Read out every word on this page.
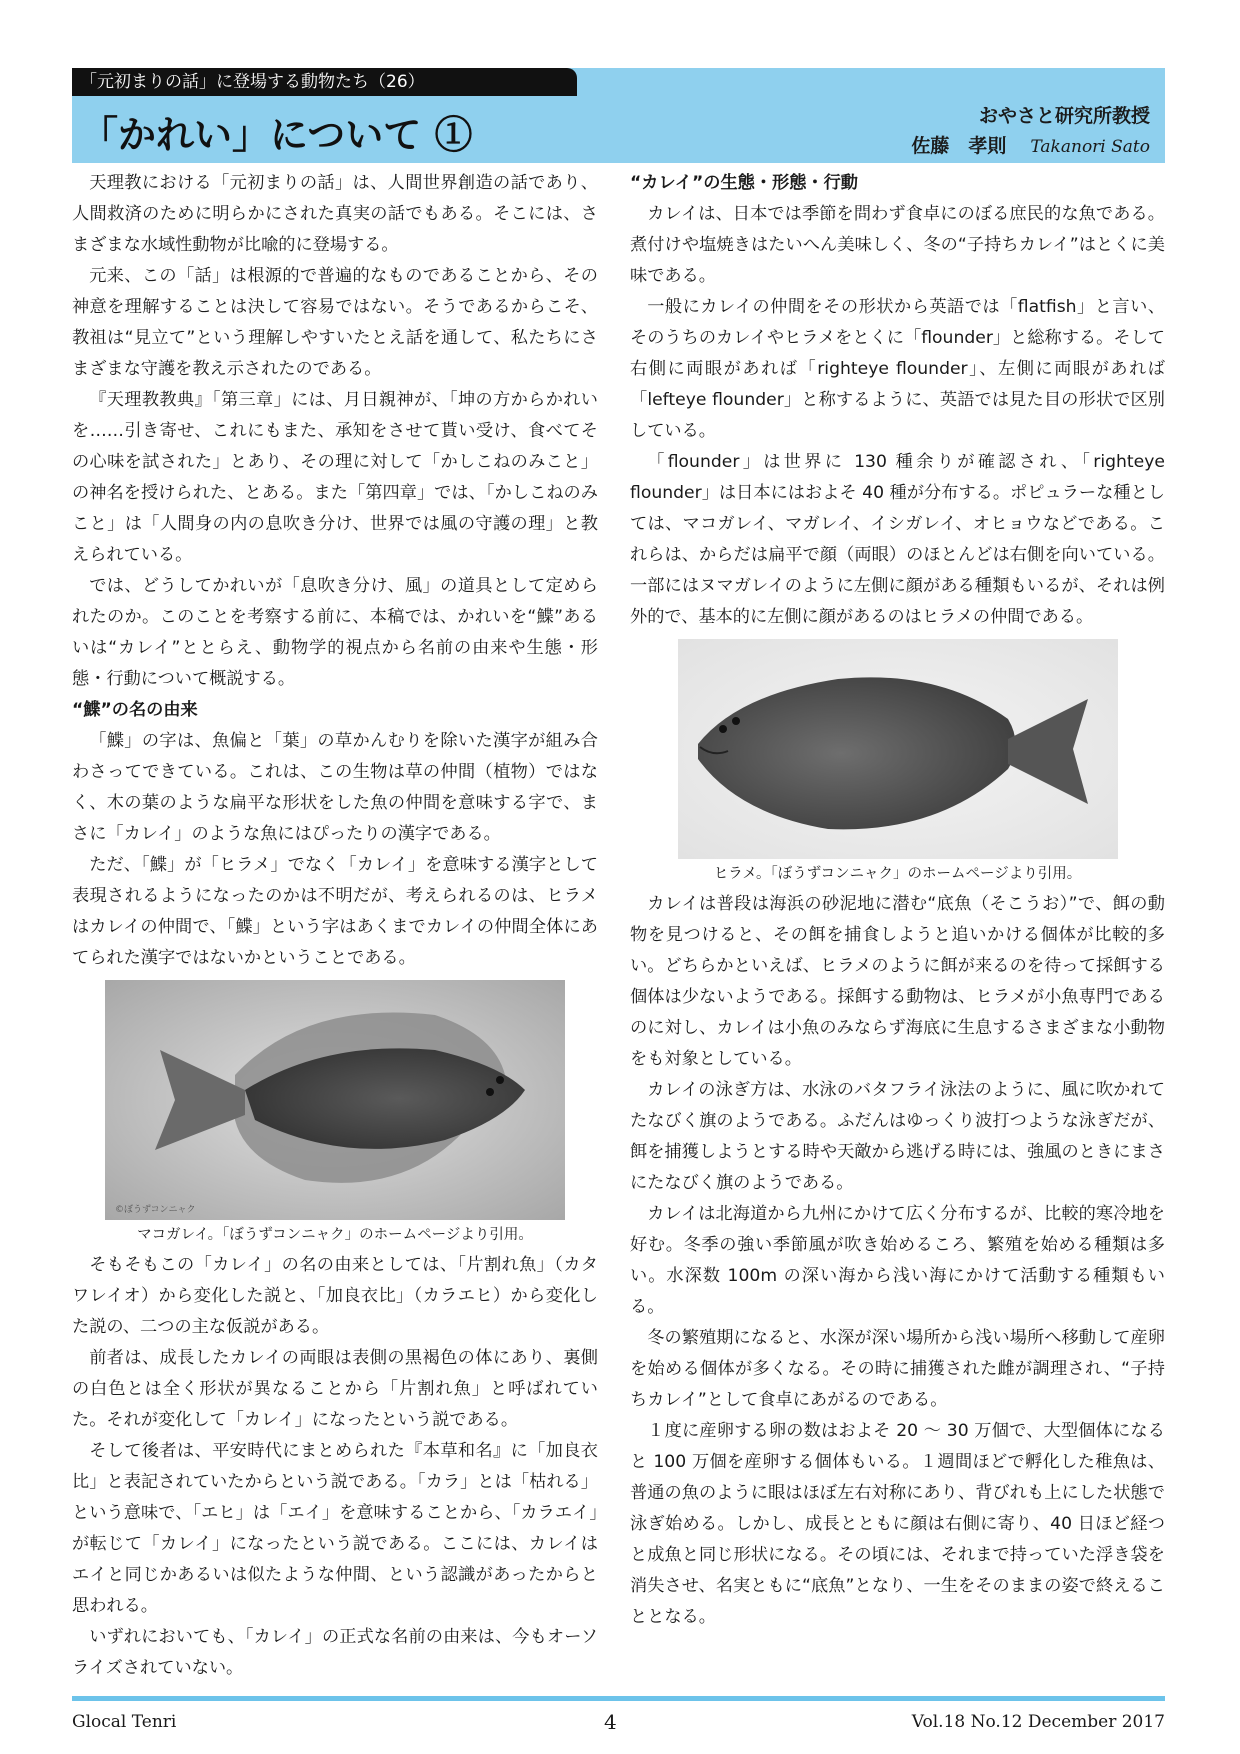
「元初まりの話」に登場する動物たち（26）
「かれい」について ①	おやさと研究所教授
佐藤　孝則 Takanori Sato

天理教における「元初まりの話」は、人間世界創造の話であり、人間救済のために明らかにされた真実の話でもある。そこには、さまざまな水域性動物が比喩的に登場する。

元来、この「話」は根源的で普遍的なものであることから、その神意を理解することは決して容易ではない。そうであるからこそ、教祖は“見立て”という理解しやすいたとえ話を通して、私たちにさまざまな守護を教え示されたのである。

『天理教教典』「第三章」には、月日親神が、「坤の方からかれいを……引き寄せ、これにもまた、承知をさせて貰い受け、食べてその心味を試された」とあり、その理に対して「かしこねのみこと」の神名を授けられた、とある。また「第四章」では、「かしこねのみこと」は「人間身の内の息吹き分け、世界では風の守護の理」と教えられている。

では、どうしてかれいが「息吹き分け、風」の道具として定められたのか。このことを考察する前に、本稿では、かれいを“鰈”あるいは“カレイ”ととらえ、動物学的視点から名前の由来や生態・形態・行動について概説する。

“鰈”の名の由来

「鰈」の字は、魚偏と「葉」の草かんむりを除いた漢字が組み合わさってできている。これは、この生物は草の仲間（植物）ではなく、木の葉のような扁平な形状をした魚の仲間を意味する字で、まさに「カレイ」のような魚にはぴったりの漢字である。

ただ、「鰈」が「ヒラメ」でなく「カレイ」を意味する漢字として表現されるようになったのかは不明だが、考えられるのは、ヒラメはカレイの仲間で、「鰈」という字はあくまでカレイの仲間全体にあてられた漢字ではないかということである。

©ぼうずコンニャク
マコガレイ。「ぼうずコンニャク」のホームページより引用。

そもそもこの「カレイ」の名の由来としては、「片割れ魚」（カタワレイオ）から変化した説と、「加良衣比」（カラエヒ）から変化した説の、二つの主な仮説がある。

前者は、成長したカレイの両眼は表側の黒褐色の体にあり、裏側の白色とは全く形状が異なることから「片割れ魚」と呼ばれていた。それが変化して「カレイ」になったという説である。

そして後者は、平安時代にまとめられた『本草和名』に「加良衣比」と表記されていたからという説である。「カラ」とは「枯れる」という意味で、「エヒ」は「エイ」を意味することから、「カラエイ」が転じて「カレイ」になったという説である。ここには、カレイはエイと同じかあるいは似たような仲間、という認識があったからと思われる。

いずれにおいても、「カレイ」の正式な名前の由来は、今もオーソライズされていない。

“カレイ”の生態・形態・行動

カレイは、日本では季節を問わず食卓にのぼる庶民的な魚である。煮付けや塩焼きはたいへん美味しく、冬の“子持ちカレイ”はとくに美味である。

一般にカレイの仲間をその形状から英語では「flatfish」と言い、そのうちのカレイやヒラメをとくに「flounder」と総称する。そして右側に両眼があれば「righteye flounder」、左側に両眼があれば「lefteye flounder」と称するように、英語では見た目の形状で区別している。

「flounder」は世界に 130 種余りが確認され、「righteye flounder」は日本にはおよそ 40 種が分布する。ポピュラーな種としては、マコガレイ、マガレイ、イシガレイ、オヒョウなどである。これらは、からだは扁平で顔（両眼）のほとんどは右側を向いている。一部にはヌマガレイのように左側に顔がある種類もいるが、それは例外的で、基本的に左側に顔があるのはヒラメの仲間である。

ヒラメ。「ぼうずコンニャク」のホームページより引用。

カレイは普段は海浜の砂泥地に潜む“底魚（そこうお）”で、餌の動物を見つけると、その餌を捕食しようと追いかける個体が比較的多い。どちらかといえば、ヒラメのように餌が来るのを待って採餌する個体は少ないようである。採餌する動物は、ヒラメが小魚専門であるのに対し、カレイは小魚のみならず海底に生息するさまざまな小動物をも対象としている。

カレイの泳ぎ方は、水泳のバタフライ泳法のように、風に吹かれてたなびく旗のようである。ふだんはゆっくり波打つような泳ぎだが、餌を捕獲しようとする時や天敵から逃げる時には、強風のときにまさにたなびく旗のようである。

カレイは北海道から九州にかけて広く分布するが、比較的寒冷地を好む。冬季の強い季節風が吹き始めるころ、繁殖を始める種類は多い。水深数 100m の深い海から浅い海にかけて活動する種類もいる。

冬の繁殖期になると、水深が深い場所から浅い場所へ移動して産卵を始める個体が多くなる。その時に捕獲された雌が調理され、“子持ちカレイ”として食卓にあがるのである。

１度に産卵する卵の数はおよそ 20 ～ 30 万個で、大型個体になると 100 万個を産卵する個体もいる。１週間ほどで孵化した稚魚は、普通の魚のように眼はほぼ左右対称にあり、背びれも上にした状態で泳ぎ始める。しかし、成長とともに顔は右側に寄り、40 日ほど経つと成魚と同じ形状になる。その頃には、それまで持っていた浮き袋を消失させ、名実ともに“底魚”となり、一生をそのままの姿で終えることとなる。

Glocal Tenri	4	Vol.18 No.12 December 2017
